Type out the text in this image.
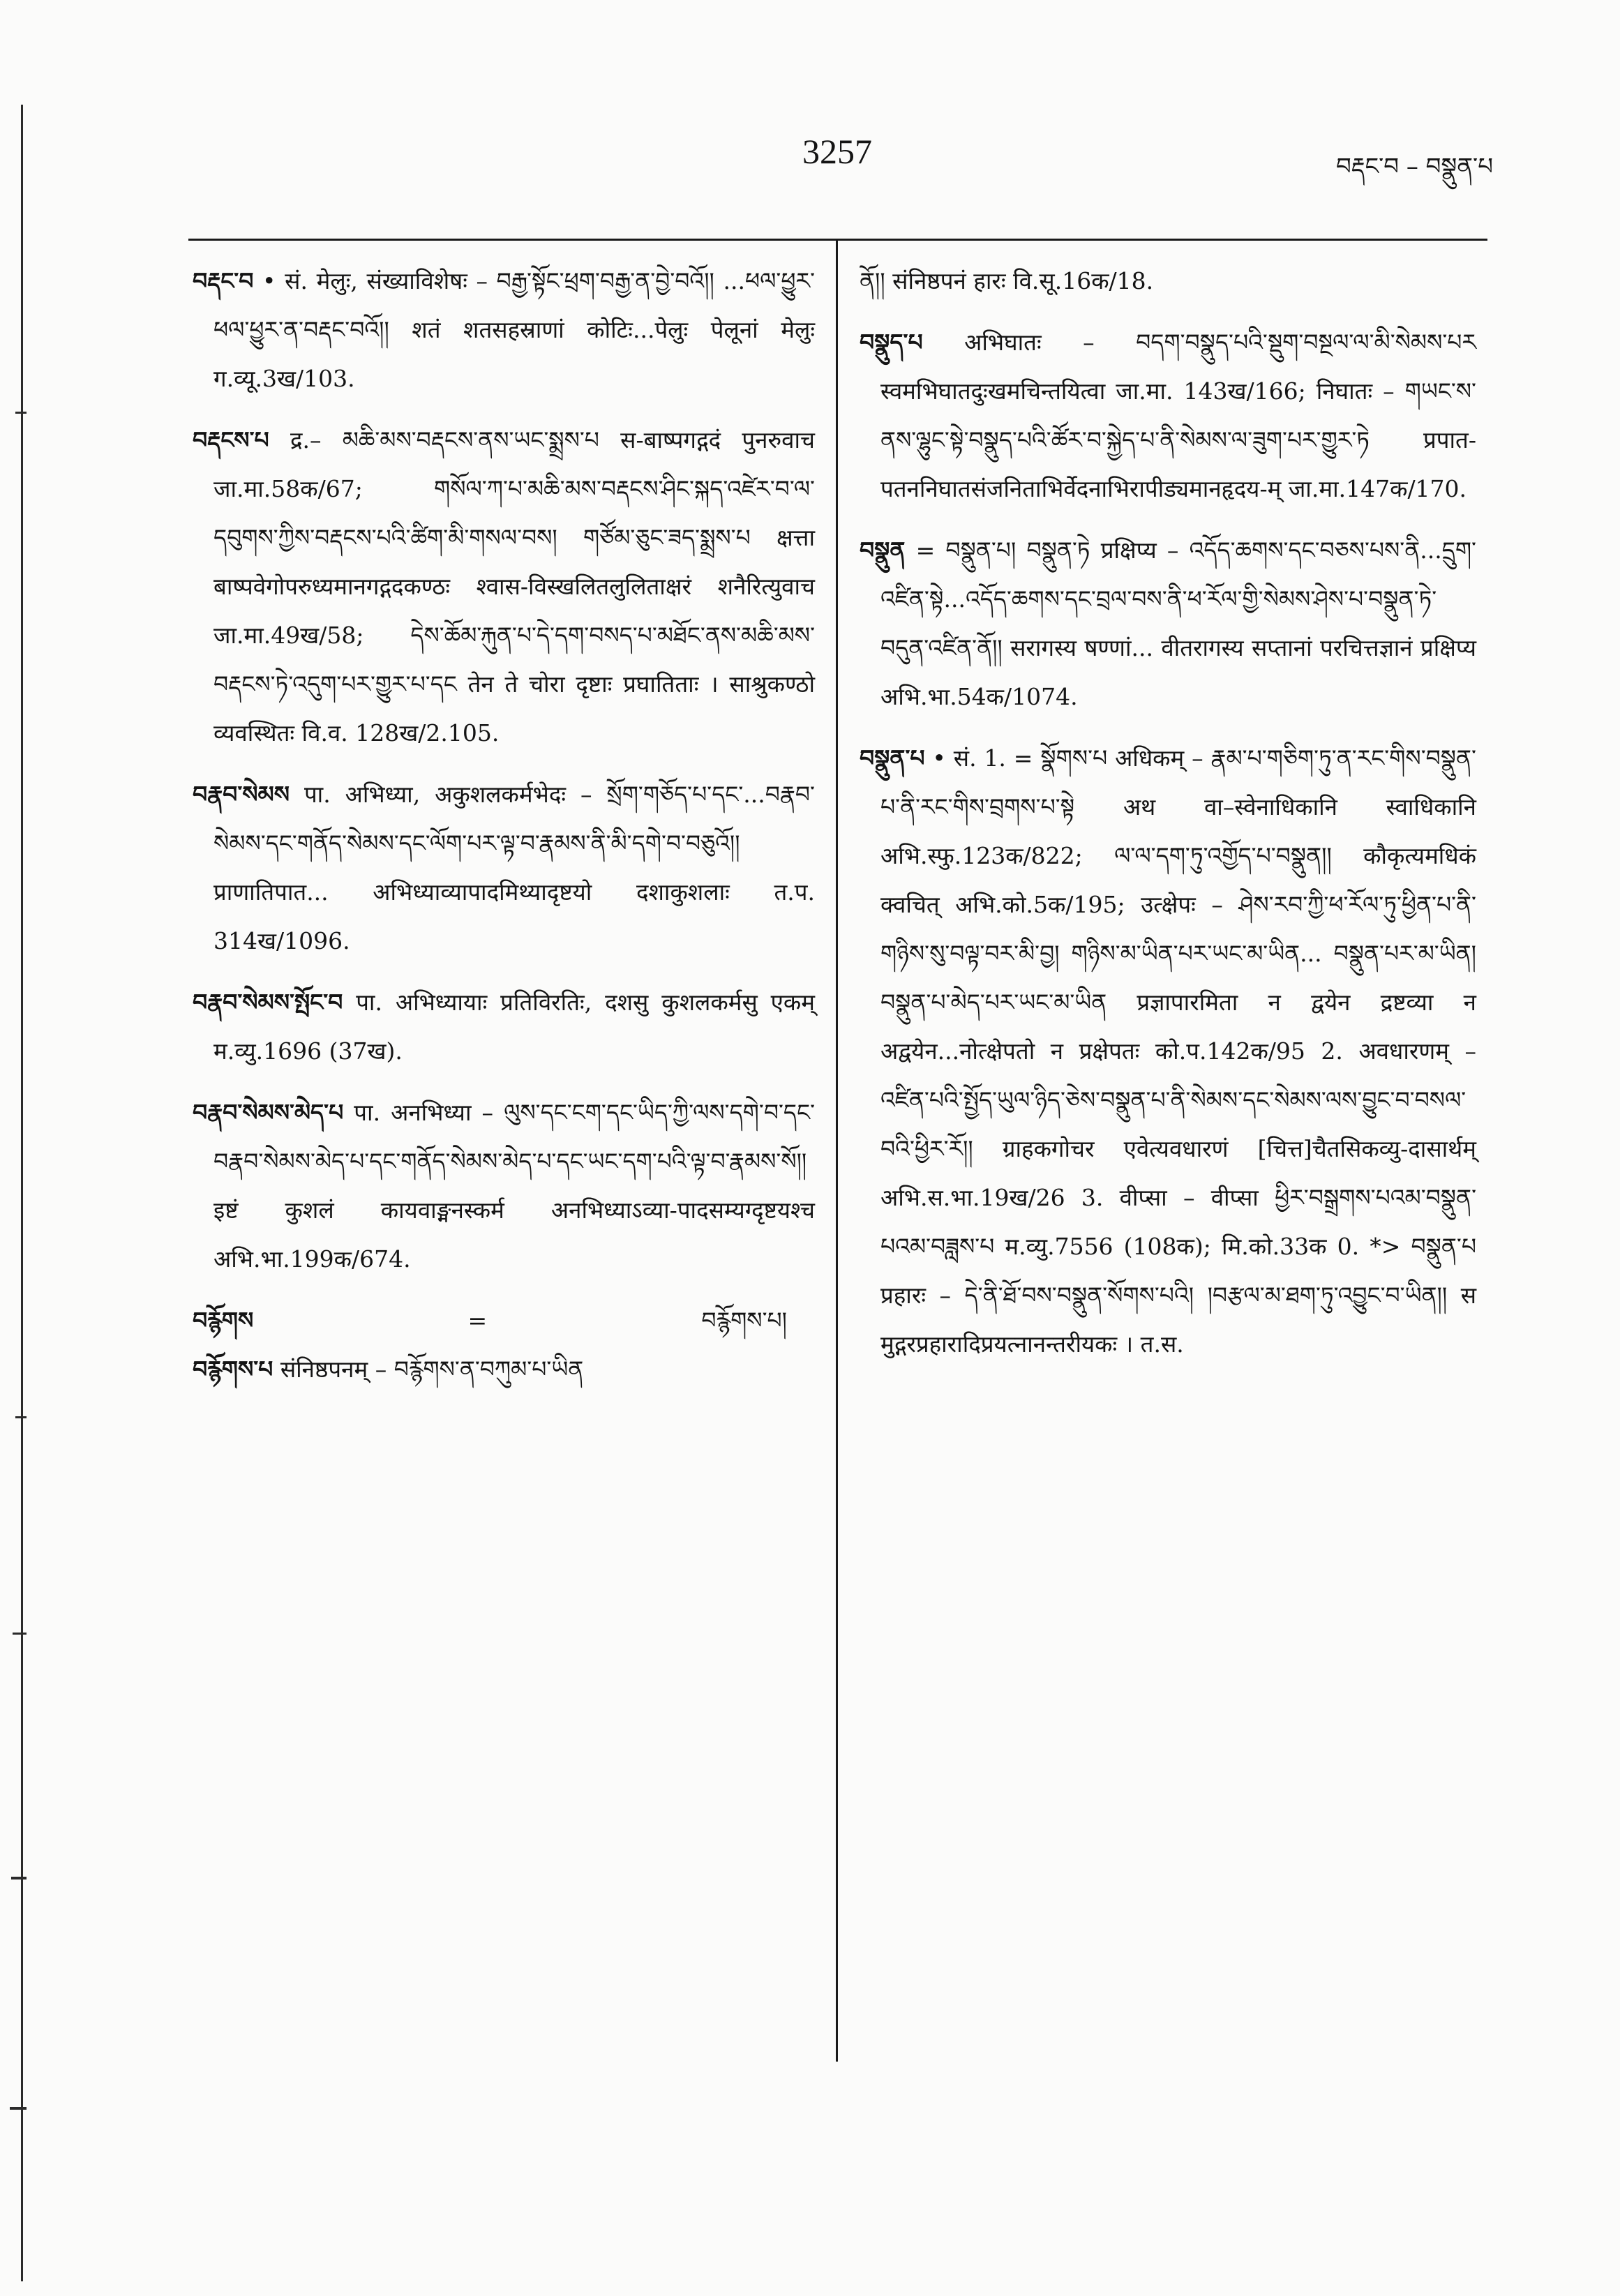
3257	བརྡང་བ – བསྣུན་པ

བརྡང་བ • सं. मेलुः, संख्याविशेषः – བརྒྱ་སྟོང་ཕྲག་བརྒྱ་ན་བྱེ་བའོ།། ...ཕལ་ཕྱུར་ཕལ་ཕྱུར་ན་བརྡང་བའོ།། शतं शतसहस्राणां कोटिः...पेलुः पेलूनां मेलुः ग.व्यू.3ख/103.

བརྡངས་པ द्र.– མཆི་མས་བརྡངས་ནས་ཡང་སྨྲས་པ स-बाष्पगद्गदं पुनरुवाच जा.मा.58क/67; གསོལ་ཀ་པ་མཆི་མས་བརྡངས་ཤིང་སྐད་འཛེར་བ་ལ་དབུགས་ཀྱིས་བརྡངས་པའི་ཚིག་མི་གསལ་བས། གཙོམ་ཅུང་ཟད་སྨྲས་པ क्षत्ता बाष्पवेगोपरुध्यमानगद्गदकण्ठः श्वास-विस्खलितलुलिताक्षरं शनैरित्युवाच जा.मा.49ख/58; དེས་ཆོམ་རྐུན་པ་དེ་དག་བསད་པ་མཐོང་ནས་མཆི་མས་བརྡངས་ཏེ་འདུག་པར་གྱུར་པ་དང तेन ते चोरा दृष्टाः प्रघातिताः । साश्रुकण्ठो व्यवस्थितः वि.व. 128ख/2.105.

བརྣབ་སེམས पा. अभिध्या, अकुशलकर्मभेदः – སྲོག་གཅོད་པ་དང་...བརྣབ་སེམས་དང་གནོད་སེམས་དང་ལོག་པར་ལྟ་བ་རྣམས་ནི་མི་དགེ་བ་བཅུའོ།། प्राणातिपात... अभिध्याव्यापादमिथ्यादृष्टयो दशाकुशलाः त.प. 314ख/1096.

བརྣབ་སེམས་སྤོང་བ पा. अभिध्यायाः प्रतिविरतिः, दशसु कुशलकर्मसु एकम् म.व्यु.1696 (37ख).

བརྣབ་སེམས་མེད་པ पा. अनभिध्या – ལུས་དང་ངག་དང་ཡིད་ཀྱི་ལས་དགེ་བ་དང་བརྣབ་སེམས་མེད་པ་དང་གནོད་སེམས་མེད་པ་དང་ཡང་དག་པའི་ལྟ་བ་རྣམས་སོ།། इष्टं कुशलं कायवाङ्मनस्कर्म अनभिध्याऽव्या-पादसम्यग्दृष्टयश्च अभि.भा.199क/674.

བརྙོགས	=	བརྙོགས་པ།

བརྙོགས་པ संनिष्ठपनम् – བརྙོགས་ན་བཀུམ་པ་ཡིན

ནོ།། संनिष्ठपनं हारः वि.सू.16क/18.

བསྣུད་པ अभिघातः – བདག་བསྣུད་པའི་སྡུག་བསྔལ་ལ་མི་སེམས་པར स्वमभिघातदुःखमचिन्तयित्वा जा.मा. 143ख/166; निघातः – གཡང་ས་ནས་ལྷུང་སྟེ་བསྣུད་པའི་ཚོར་བ་སྐྱེད་པ་ནི་སེམས་ལ་ཟུག་པར་གྱུར་ཏེ प्रपात-पतननिघातसंजनिताभिर्वेदनाभिरापीड्यमानहृदय-म् जा.मा.147क/170.

བསྣུན = བསྣུན་པ། བསྣུན་ཏེ प्रक्षिप्य – འདོད་ཆགས་དང་བཅས་པས་ནི...དྲུག་འཛིན་སྟེ...འདོད་ཆགས་དང་བྲལ་བས་ནི་ཕ་རོལ་གྱི་སེམས་ཤེས་པ་བསྣུན་ཏེ་བདུན་འཛིན་ནོ།། सरागस्य षण्णां... वीतरागस्य सप्तानां परचित्तज्ञानं प्रक्षिप्य अभि.भा.54क/1074.

བསྣུན་པ • सं. 1. = སྣོགས་པ अधिकम् – རྣམ་པ་གཅིག་ཏུ་ན་རང་གིས་བསྣུན་པ་ནི་རང་གིས་བྲགས་པ་སྟེ अथ वा–स्वेनाधिकानि स्वाधिकानि अभि.स्फु.123क/822; ལ་ལ་དག་ཏུ་འགྱོད་པ་བསྣུན།། कौकृत्यमधिकं क्वचित् अभि.को.5क/195; उत्क्षेपः – ཤེས་རབ་ཀྱི་ཕ་རོལ་ཏུ་ཕྱིན་པ་ནི་གཉིས་སུ་བལྟ་བར་མི་བྱ། གཉིས་མ་ཡིན་པར་ཡང་མ་ཡིན... བསྣུན་པར་མ་ཡིན། བསྣུན་པ་མེད་པར་ཡང་མ་ཡིན प्रज्ञापारमिता न द्वयेन द्रष्टव्या न अद्वयेन...नोत्क्षेपतो न प्रक्षेपतः को.प.142क/95 2. अवधारणम् – འཛིན་པའི་སྤྱོད་ཡུལ་ཉིད་ཅེས་བསྣུན་པ་ནི་སེམས་དང་སེམས་ལས་བྱུང་བ་བསལ་བའི་ཕྱིར་རོ།། ग्राहकगोचर एवेत्यवधारणं [चित्त]चैतसिकव्यु-दासार्थम् अभि.स.भा.19ख/26 3. वीप्सा – वीप्सा ཕྱིར་བསྒྲགས་པའམ་བསྣུན་པའམ་བཟླས་པ म.व्यु.7556 (108क); मि.को.33क 0. *> བསྣུན་པ प्रहारः – དེ་ནི་ཐོ་བས་བསྣུན་སོགས་པའི། །བརྩལ་མ་ཐག་ཏུ་འབྱུང་བ་ཡིན།། स मुद्गरप्रहारादिप्रयत्नानन्तरीयकः । त.स.
